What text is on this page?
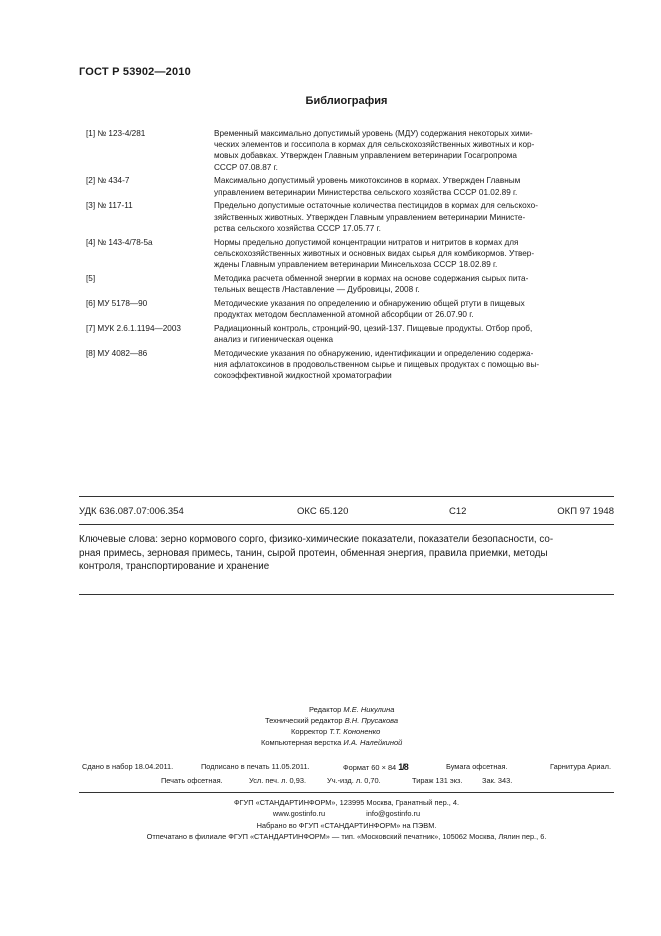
ГОСТ Р 53902—2010
Библиография
[1] № 123-4/281	Временный максимально допустимый уровень (МДУ) содержания некоторых хими-
ческих элементов и госсипола в кормах для сельскохозяйственных животных и кор-
мовых добавках. Утвержден Главным управлением ветеринарии Госагропрома
СССР 07.08.87 г.
[2] № 434-7	Максимально допустимый уровень микотоксинов в кормах. Утвержден Главным
управлением ветеринарии Министерства сельского хозяйства СССР 01.02.89 г.
[3] № 117-11	Предельно допустимые остаточные количества пестицидов в кормах для сельскохо-
зяйственных животных. Утвержден Главным управлением ветеринарии Министе-
рства сельского хозяйства СССР 17.05.77 г.
[4] № 143-4/78-5а	Нормы предельно допустимой концентрации нитратов и нитритов в кормах для
сельскохозяйственных животных и основных видах сырья для комбикормов. Утвер-
ждены Главным управлением ветеринарии Минсельхоза СССР 18.02.89 г.
[5]	Методика расчета обменной энергии в кормах на основе содержания сырых пита-
тельных веществ /Наставление — Дубровицы, 2008 г.
[6] МУ 5178—90	Методические указания по определению и обнаружению общей ртути в пищевых
продуктах методом беспламенной атомной абсорбции от 26.07.90 г.
[7] МУК 2.6.1.1194—2003	Радиационный контроль, стронций-90, цезий-137. Пищевые продукты. Отбор проб,
анализ и гигиеническая оценка
[8] МУ 4082—86	Методические указания по обнаружению, идентификации и определению содержа-
ния афлатоксинов в продовольственном сырье и пищевых продуктах с помощью вы-
сокоэффективной жидкостной хроматографии
УДК 636.087.07:006.354	ОКС 65.120	С12	ОКП 97 1948
Ключевые слова: зерно кормового сорго, физико-химические показатели, показатели безопасности, со-
рная примесь, зерновая примесь, танин, сырой протеин, обменная энергия, правила приемки, методы
контроля, транспортирование и хранение
Редактор М.Е. Никулина
Технический редактор В.Н. Прусакова
Корректор Т.Т. Кононенко
Компьютерная верстка И.А. Налейкиной
Сдано в набор 18.04.2011.	Подписано в печать 11.05.2011.	Формат 60 × 84 1/8	Бумага офсетная.	Гарнитура Ариал.
Печать офсетная.	Усл. печ. л. 0,93.	Уч.-изд. л. 0,70.	Тираж 131 экз.	Зак. 343.
ФГУП «СТАНДАРТИНФОРМ», 123995 Москва, Гранатный пер., 4.
www.gostinfo.ru                    info@gostinfo.ru
Набрано во ФГУП «СТАНДАРТИНФОРМ» на ПЭВМ.
Отпечатано в филиале ФГУП «СТАНДАРТИНФОРМ» — тип. «Московский печатник», 105062 Москва, Лялин пер., 6.
